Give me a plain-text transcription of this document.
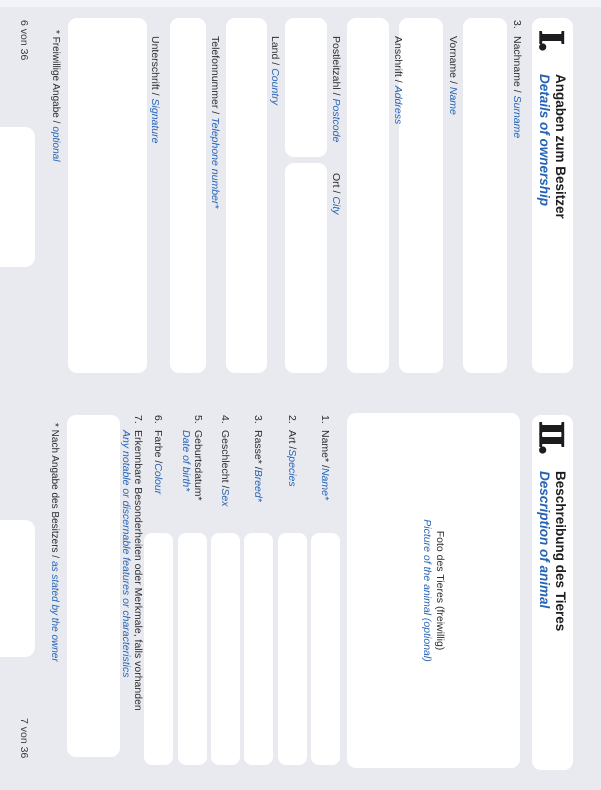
I.
Angaben zum Besitzer
Details of ownership
3.Nachname /Surname
Vorname /Name
Anschrift /Address
Postleitzahl /Postcode
Ort /City
Land /Country
Telefonnummer /Telephone number*
Unterschrift /Signature
* Freiwillige Angabe /optional
6 von 36
II.
Beschreibung des Tieres
Description of animal
Foto des Tieres (freiwillig)
Picture of the animal (optional)
1.Name* /Name*
2.Art /Species
3.Rasse* /Breed*
4.Geschlecht /Sex
5.Geburtsdatum*
Date of birth*
6.Farbe /Colour
7.Erkennbare Besonderheiten oder Merkmale, falls vorhanden
Any notable or discernable features or characteristics
* Nach Angabe des Besitzers /as stated by the owner
7 von 36
